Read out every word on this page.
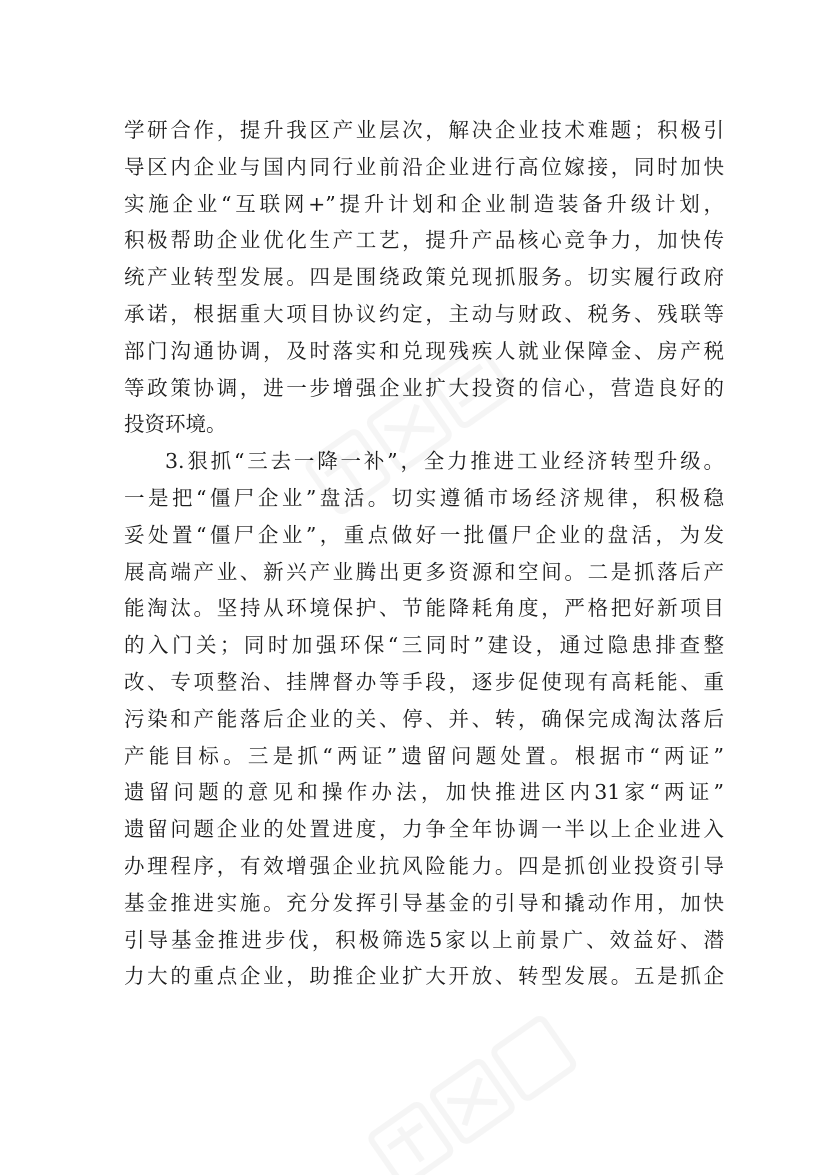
学研合作，提升我区产业层次，解决企业技术难题；积极引
导区内企业与国内同行业前沿企业进行高位嫁接，同时加快
实施企业“互联网+”提升计划和企业制造装备升级计划，
积极帮助企业优化生产工艺，提升产品核心竞争力，加快传
统产业转型发展。四是围绕政策兑现抓服务。切实履行政府
承诺，根据重大项目协议约定，主动与财政、税务、残联等
部门沟通协调，及时落实和兑现残疾人就业保障金、房产税
等政策协调，进一步增强企业扩大投资的信心，营造良好的
投资环境。
3.狠抓“三去一降一补”，全力推进工业经济转型升级。
一是把“僵尸企业”盘活。切实遵循市场经济规律，积极稳
妥处置“僵尸企业”，重点做好一批僵尸企业的盘活，为发
展高端产业、新兴产业腾出更多资源和空间。二是抓落后产
能淘汰。坚持从环境保护、节能降耗角度，严格把好新项目
的入门关；同时加强环保“三同时”建设，通过隐患排查整
改、专项整治、挂牌督办等手段，逐步促使现有高耗能、重
污染和产能落后企业的关、停、并、转，确保完成淘汰落后
产能目标。三是抓“两证”遗留问题处置。根据市“两证”
遗留问题的意见和操作办法，加快推进区内31家“两证”
遗留问题企业的处置进度，力争全年协调一半以上企业进入
办理程序，有效增强企业抗风险能力。四是抓创业投资引导
基金推进实施。充分发挥引导基金的引导和撬动作用，加快
引导基金推进步伐，积极筛选5家以上前景广、效益好、潜
力大的重点企业，助推企业扩大开放、转型发展。五是抓企
